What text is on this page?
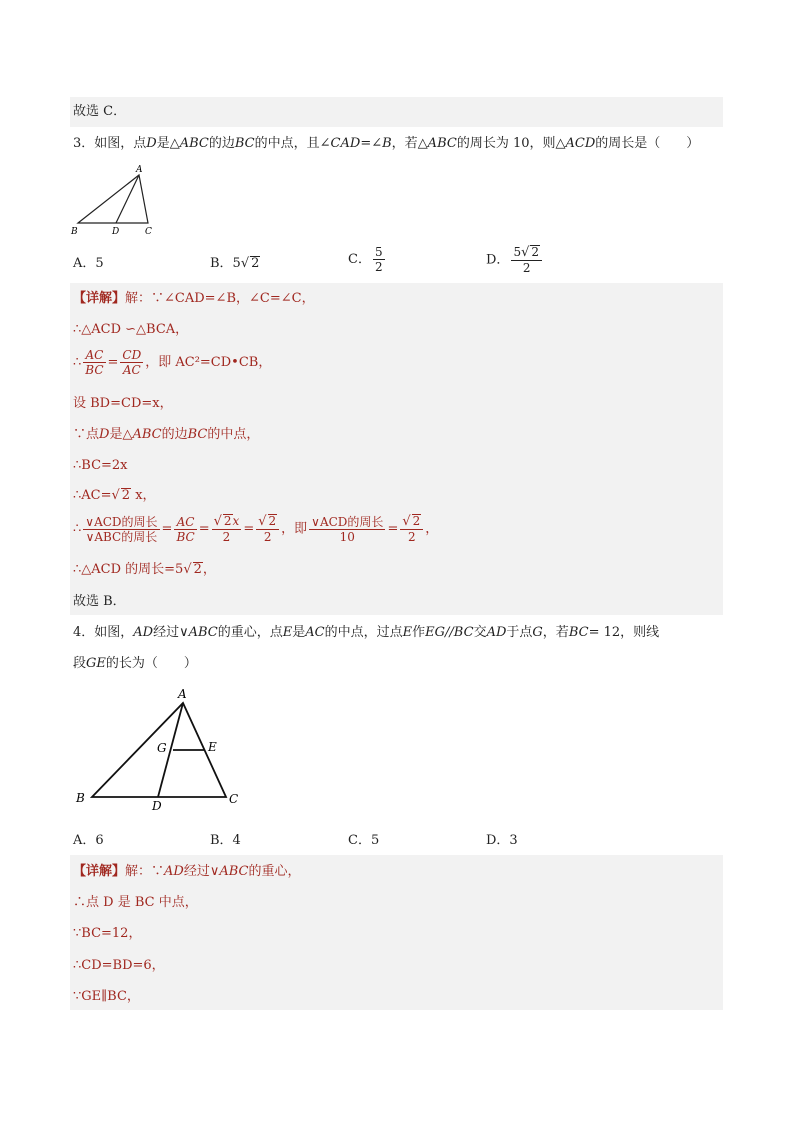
故选 C．
3．如图，点D是△ABC的边BC的中点，且∠CAD=∠B，若△ABC的周长为 10，则△ACD的周长是（　　）
A
B	D	C
A．5	B．5√ 2	C． $\frac{5}{2}$	D． $\frac{5√ 2}{2}$
【详解】解：∵∠CAD=∠B，∠C=∠C，
∴△ACD ∽△BCA，
∴ $\frac{AC}{BC} = \frac{CD}{AC}$ ，即 AC²=CD•CB，
设 BD=CD=x，
∵点D是△ABC的边BC的中点，
∴BC=2x
∴AC=√ 2 x，
∴ $\frac{\text{∨ACD的周长}}{\text{∨ABC的周长}} = \frac{AC}{BC} = \frac{√ 2x}{2} = \frac{√ 2}{2}$ ，即 $\frac{\text{∨ACD的周长}}{10} = \frac{√ 2}{2}$ ，
∴△ACD 的周长=5√ 2，
故选 B．
4．如图，AD经过∨ABC的重心，点E是AC的中点，过点E作EG//BC交AD于点G，若BC= 12，则线
段GE的长为（　　）
A
B
D	C
G	E
A．6	B．4	C．5	D．3
【详解】解：∵AD经过∨ABC的重心，
∴点 D 是 BC 中点，
∵BC=12，
∴CD=BD=6，
∵GE∥BC，
